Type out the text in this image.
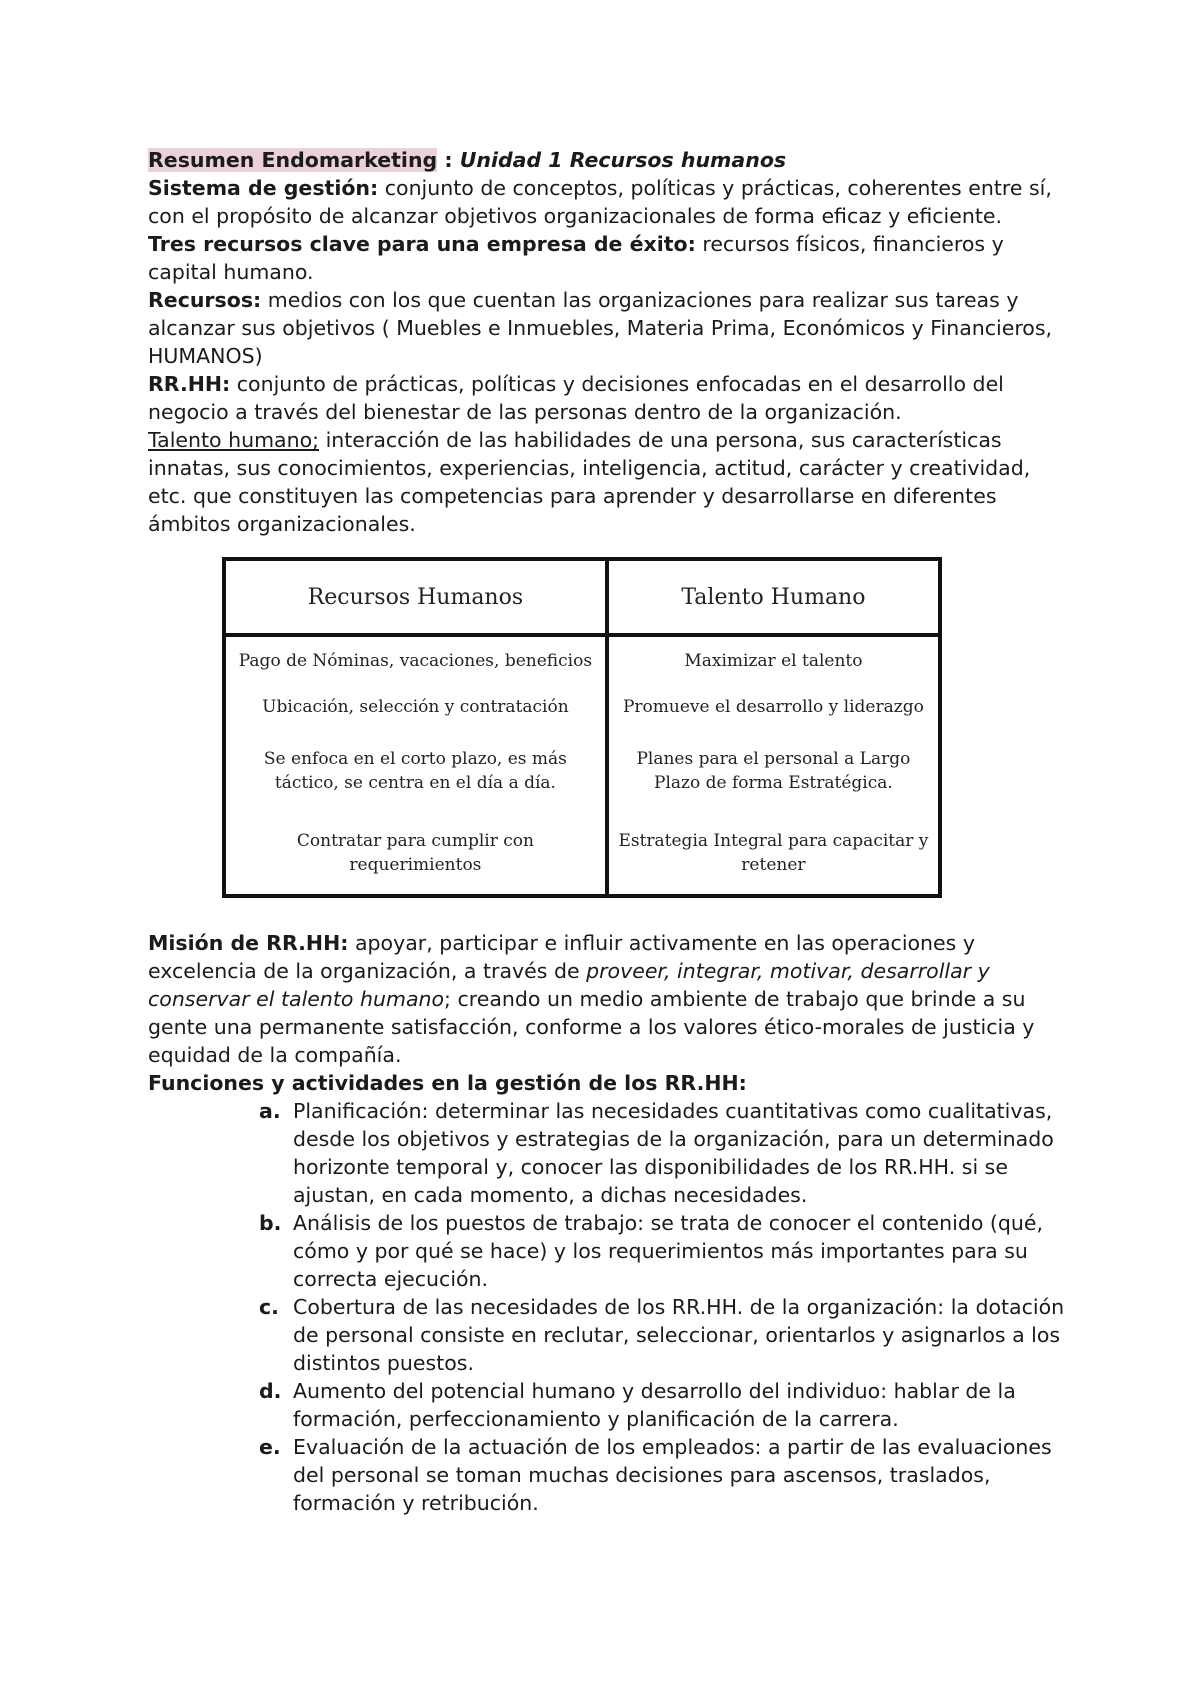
Resumen Endomarketing : Unidad 1 Recursos humanos

Sistema de gestión: conjunto de conceptos, políticas y prácticas, coherentes entre sí, con el propósito de alcanzar objetivos organizacionales de forma eficaz y eficiente.

Tres recursos clave para una empresa de éxito: recursos físicos, financieros y capital humano.

Recursos: medios con los que cuentan las organizaciones para realizar sus tareas y alcanzar sus objetivos ( Muebles e Inmuebles, Materia Prima, Económicos y Financieros, HUMANOS)

RR.HH: conjunto de prácticas, políticas y decisiones enfocadas en el desarrollo del negocio a través del bienestar de las personas dentro de la organización.

Talento humano; interacción de las habilidades de una persona, sus características innatas, sus conocimientos, experiencias, inteligencia, actitud, carácter y creatividad, etc. que constituyen las competencias para aprender y desarrollarse en diferentes ámbitos organizacionales.

Recursos Humanos	Talento Humano
Pago de Nóminas, vacaciones, beneficios	Maximizar el talento
Ubicación, selección y contratación	Promueve el desarrollo y liderazgo
Se enfoca en el corto plazo, es más táctico, se centra en el día a día.	Planes para el personal a Largo Plazo de forma Estratégica.
Contratar para cumplir con requerimientos	Estrategia Integral para capacitar y retener

Misión de RR.HH: apoyar, participar e influir activamente en las operaciones y excelencia de la organización, a través de proveer, integrar, motivar, desarrollar y conservar el talento humano; creando un medio ambiente de trabajo que brinde a su gente una permanente satisfacción, conforme a los valores ético-morales de justicia y equidad de la compañía.

Funciones y actividades en la gestión de los RR.HH:

a. Planificación: determinar las necesidades cuantitativas como cualitativas, desde los objetivos y estrategias de la organización, para un determinado horizonte temporal y, conocer las disponibilidades de los RR.HH. si se ajustan, en cada momento, a dichas necesidades.
b. Análisis de los puestos de trabajo: se trata de conocer el contenido (qué, cómo y por qué se hace) y los requerimientos más importantes para su correcta ejecución.
c. Cobertura de las necesidades de los RR.HH. de la organización: la dotación de personal consiste en reclutar, seleccionar, orientarlos y asignarlos a los distintos puestos.
d. Aumento del potencial humano y desarrollo del individuo: hablar de la formación, perfeccionamiento y planificación de la carrera.
e. Evaluación de la actuación de los empleados: a partir de las evaluaciones del personal se toman muchas decisiones para ascensos, traslados, formación y retribución.
